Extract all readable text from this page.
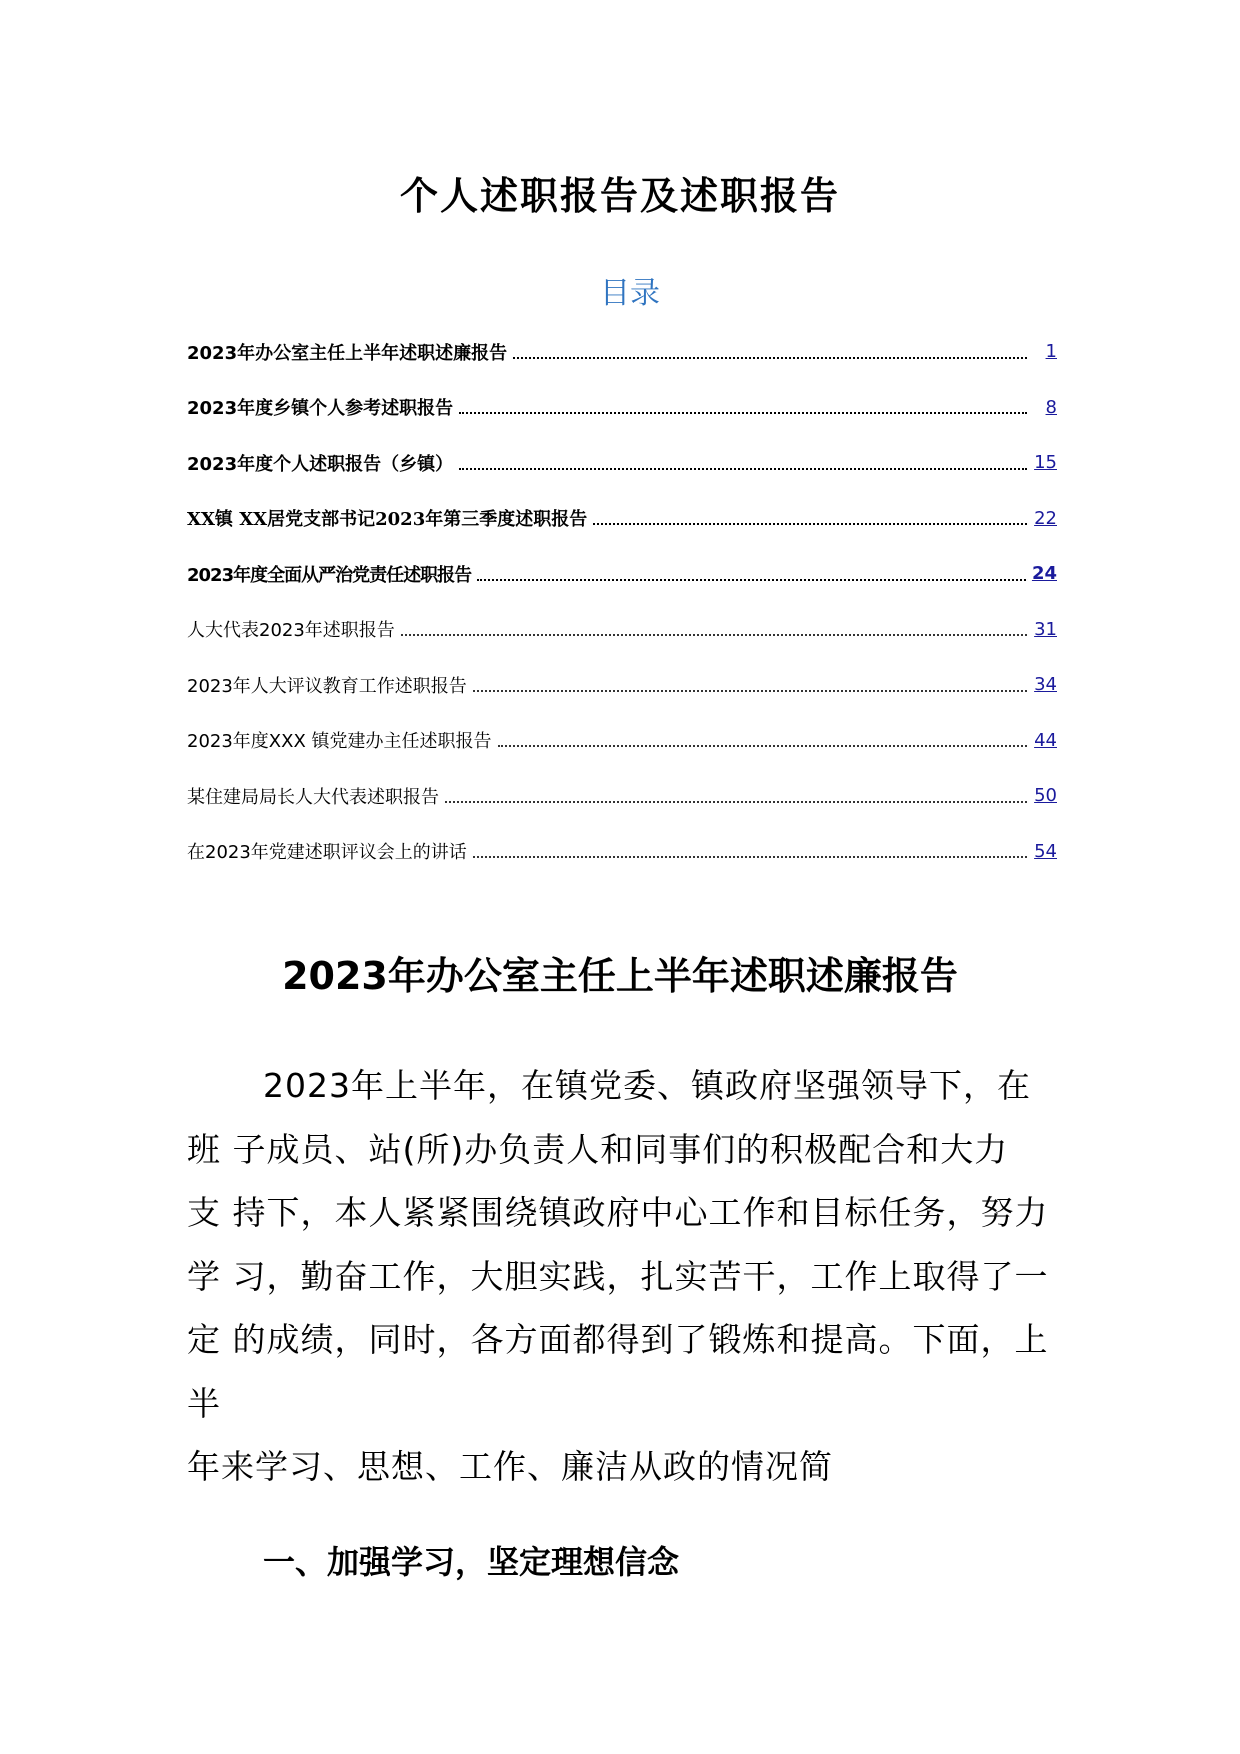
个人述职报告及述职报告
目录
2023年办公室主任上半年述职述廉报告	1
2023年度乡镇个人参考述职报告	8
2023年度个人述职报告（乡镇）	15
XX镇 XX居党支部书记2023年第三季度述职报告	22
2023年度全面从严治党责任述职报告	24
人大代表2023年述职报告	31
2023年人大评议教育工作述职报告	34
2023年度XXX 镇党建办主任述职报告	44
某住建局局长人大代表述职报告	50
在2023年党建述职评议会上的讲话	54
2023年办公室主任上半年述职述廉报告
2023年上半年，在镇党委、镇政府坚强领导下，在
班 子成员、站(所)办负责人和同事们的积极配合和大力
支 持下，本人紧紧围绕镇政府中心工作和目标任务，努力
学 习，勤奋工作，大胆实践，扎实苦干，工作上取得了一
定 的成绩，同时，各方面都得到了锻炼和提高。下面，上
半
年来学习、思想、工作、廉洁从政的情况简
一、加强学习，坚定理想信念
